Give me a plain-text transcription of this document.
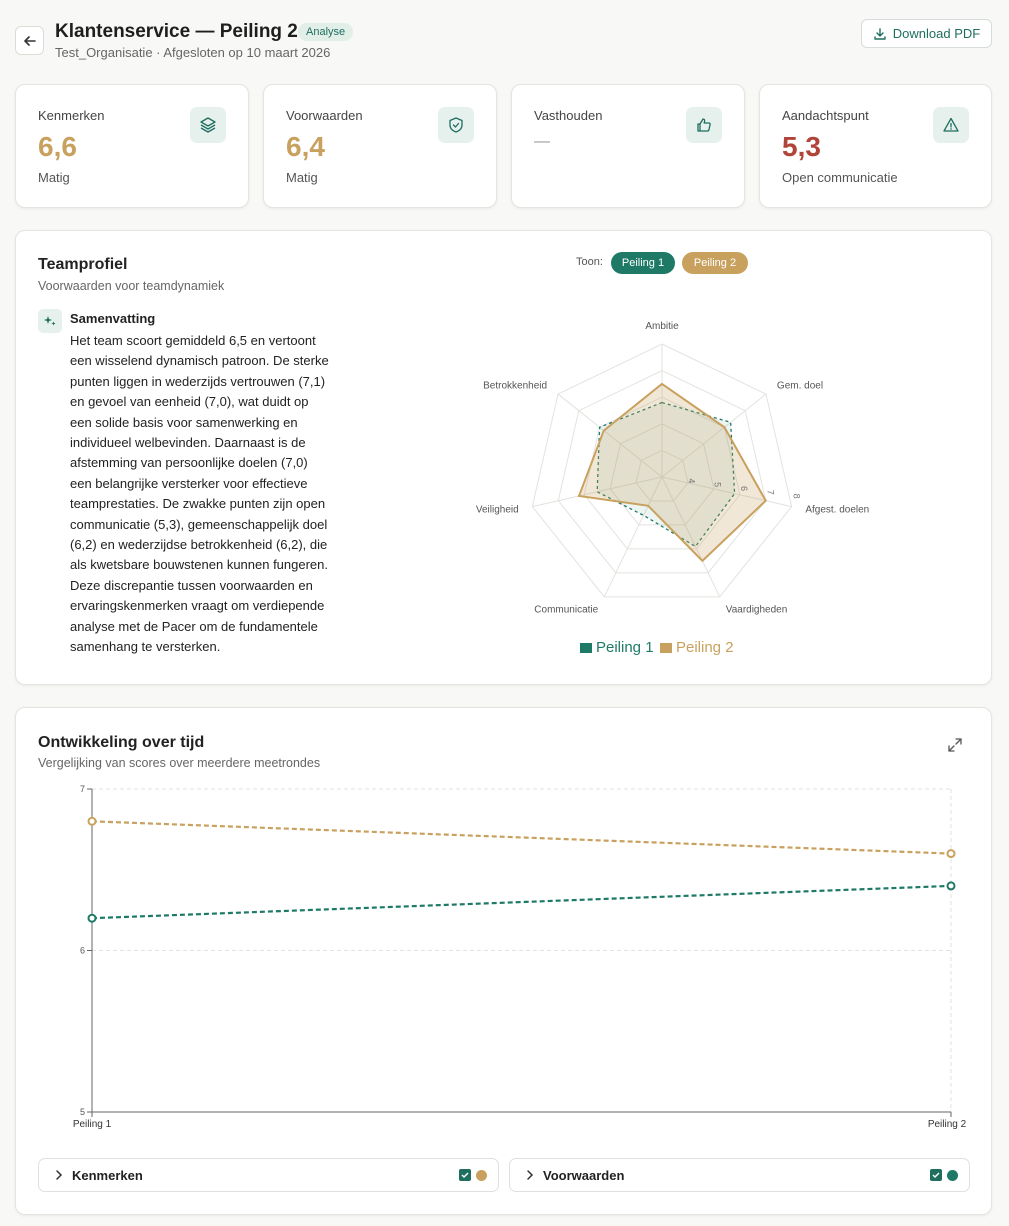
Klantenservice — Peiling 2 Analyse
Test_Organisatie · Afgesloten op 10 maart 2026
Download PDF
Kenmerken
6,6
Matig
Voorwaarden
6,4
Matig
Vasthouden
—
Aandachtspunt
5,3
Open communicatie
Teamprofiel
Voorwaarden voor teamdynamiek
Samenvatting
Het team scoort gemiddeld 6,5 en vertoont
een wisselend dynamisch patroon. De sterke
punten liggen in wederzijds vertrouwen (7,1)
en gevoel van eenheid (7,0), wat duidt op
een solide basis voor samenwerking en
individueel welbevinden. Daarnaast is de
afstemming van persoonlijke doelen (7,0)
een belangrijke versterker voor effectieve
teamprestaties. De zwakke punten zijn open
communicatie (5,3), gemeenschappelijk doel
(6,2) en wederzijdse betrokkenheid (6,2), die
als kwetsbare bouwstenen kunnen fungeren.
Deze discrepantie tussen voorwaarden en
ervaringskenmerken vraagt om verdiepende
analyse met de Pacer om de fundamentele
samenhang te versterken.
Toon:	Peiling 1	Peiling 2
4
5
6
7
8
Ambitie
Gem. doel
Afgest. doelen
Vaardigheden
Communicatie
Veiligheid
Betrokkenheid
Peiling 1 Peiling 2
Ontwikkeling over tijd
Vergelijking van scores over meerdere meetrondes
5
6
7
Peiling 1	Peiling 2
Kenmerken	Voorwaarden
